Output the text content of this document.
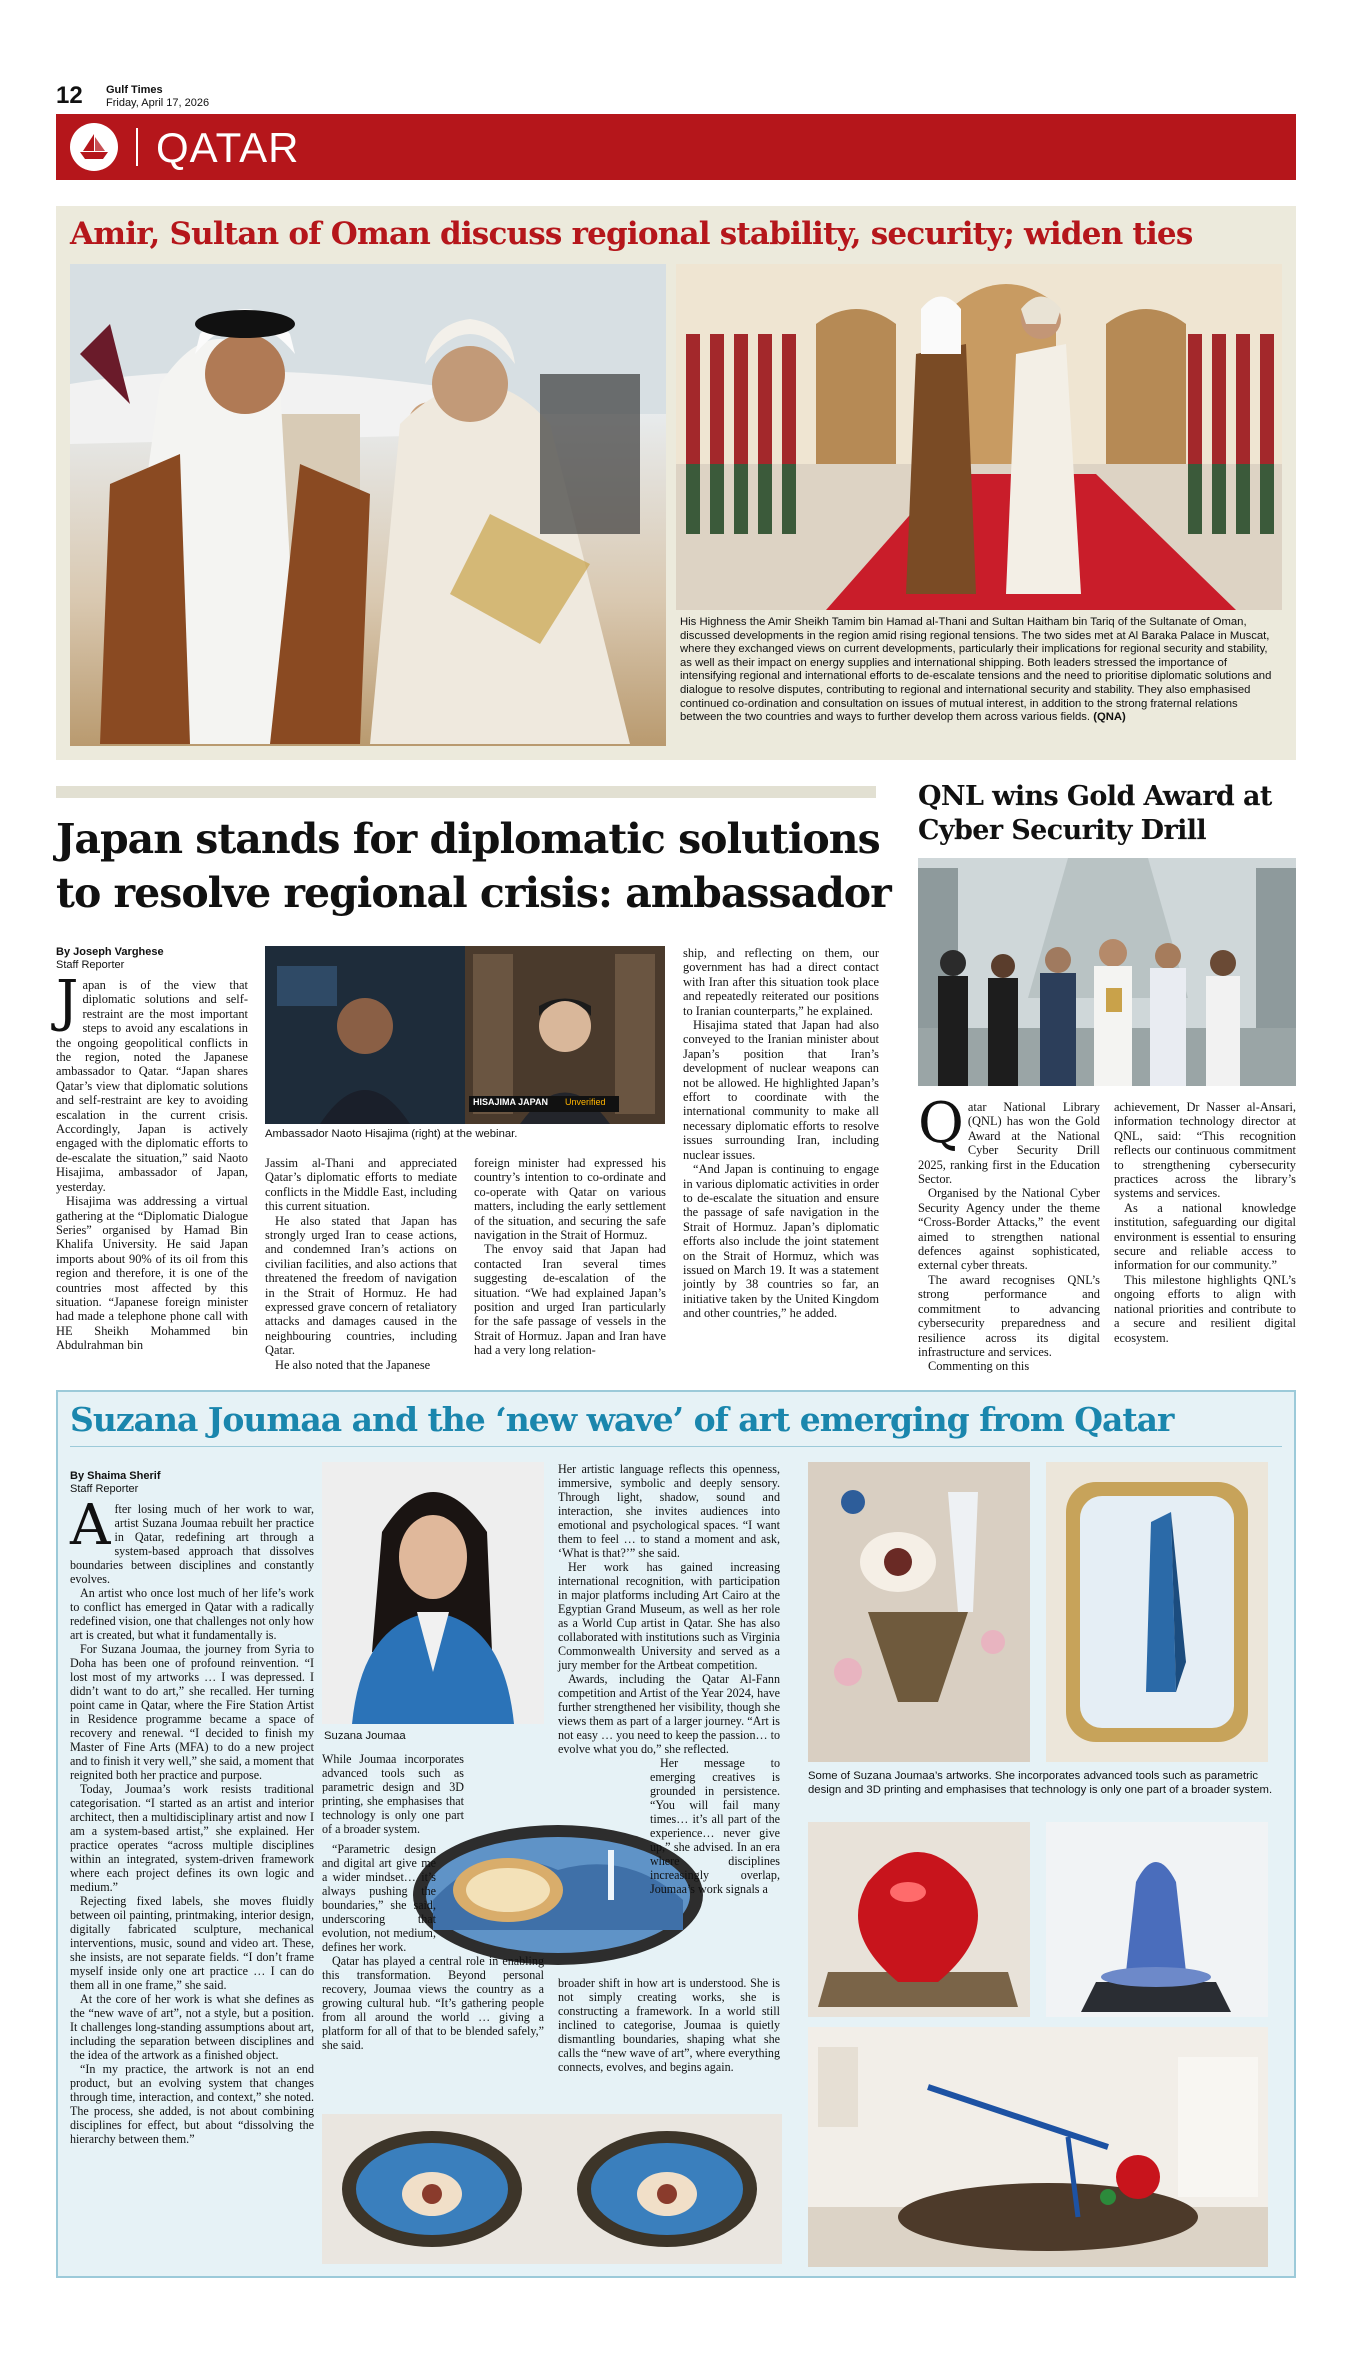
12 Gulf Times
Friday, April 17, 2026
QATAR
Amir, Sultan of Oman discuss regional stability, security; widen ties
His Highness the Amir Sheikh Tamim bin Hamad al-Thani and Sultan Haitham bin Tariq of the Sultanate of Oman, discussed developments in the region amid rising regional tensions. The two sides met at Al Baraka Palace in Muscat, where they exchanged views on current developments, particularly their implications for regional security and stability, as well as their impact on energy supplies and international shipping. Both leaders stressed the importance of intensifying regional and international efforts to de-escalate tensions and the need to prioritise diplomatic solutions and dialogue to resolve disputes, contributing to regional and international security and stability. They also emphasised continued co-ordination and consultation on issues of mutual interest, in addition to the strong fraternal relations between the two countries and ways to further develop them across various fields. (QNA)
Japan stands for diplomatic solutions to resolve regional crisis: ambassador
By Joseph Varghese
Staff Reporter

Japan is of the view that diplomatic solutions and self-restraint are the most important steps to avoid any escalations in the ongoing geopolitical conflicts in the region, noted the Japanese ambassador to Qatar. “Japan shares Qatar’s view that diplomatic solutions and self-restraint are key to avoiding escalation in the current crisis. Accordingly, Japan is actively engaged with the diplomatic efforts to de-escalate the situation,” said Naoto Hisajima, ambassador of Japan, yesterday.

Hisajima was addressing a virtual gathering at the “Diplomatic Dialogue Series” organised by Hamad Bin Khalifa University. He said Japan imports about 90% of its oil from this region and therefore, it is one of the countries most affected by this situation. “Japanese foreign minister had made a telephone phone call with HE Sheikh Mohammed bin Abdulrahman bin

HISAJIMA JAPAN Unverified
Ambassador Naoto Hisajima (right) at the webinar.

Jassim al-Thani and appreciated Qatar’s diplomatic efforts to mediate conflicts in the Middle East, including this current situation.

He also stated that Japan has strongly urged Iran to cease actions, and condemned Iran’s actions on civilian facilities, and also actions that threatened the freedom of navigation in the Strait of Hormuz. He had expressed grave concern of retaliatory attacks and damages caused in the neighbouring countries, including Qatar.

He also noted that the Japanese

foreign minister had expressed his country’s intention to co-ordinate and co-operate with Qatar on various matters, including the early settlement of the situation, and securing the safe navigation in the Strait of Hormuz.

The envoy said that Japan had contacted Iran several times suggesting de-escalation of the situation. “We had explained Japan’s position and urged Iran particularly for the safe passage of vessels in the Strait of Hormuz. Japan and Iran have had a very long relation-

ship, and reflecting on them, our government has had a direct contact with Iran after this situation took place and repeatedly reiterated our positions to Iranian counterparts,” he explained.

Hisajima stated that Japan had also conveyed to the Iranian minister about Japan’s position that Iran’s development of nuclear weapons can not be allowed. He highlighted Japan’s effort to coordinate with the international community to make all necessary diplomatic efforts to resolve issues surrounding Iran, including nuclear issues.

“And Japan is continuing to engage in various diplomatic activities in order to de-escalate the situation and ensure the passage of safe navigation in the Strait of Hormuz. Japan’s diplomatic efforts also include the joint statement on the Strait of Hormuz, which was issued on March 19. It was a statement jointly by 38 countries so far, an initiative taken by the United Kingdom and other countries,” he added.

QNL wins Gold Award at Cyber Security Drill

Qatar National Library (QNL) has won the Gold Award at the National Cyber Security Drill 2025, ranking first in the Education Sector.

Organised by the National Cyber Security Agency under the theme “Cross-Border Attacks,” the event aimed to strengthen national defences against sophisticated, external cyber threats.

The award recognises QNL’s strong performance and commitment to advancing cybersecurity preparedness and resilience across its digital infrastructure and services.

Commenting on this

achievement, Dr Nasser al-Ansari, information technology director at QNL, said: “This recognition reflects our continuous commitment to strengthening cybersecurity practices across the library’s systems and services.

As a national knowledge institution, safeguarding our digital environment is essential to ensuring secure and reliable access to information for our community.”

This milestone highlights QNL’s ongoing efforts to align with national priorities and contribute to a secure and resilient digital ecosystem.

Suzana Joumaa and the ‘new wave’ of art emerging from Qatar
By Shaima Sherif
Staff Reporter

After losing much of her work to war, artist Suzana Joumaa rebuilt her practice in Qatar, redefining art through a system-based approach that dissolves boundaries between disciplines and constantly evolves.

An artist who once lost much of her life’s work to conflict has emerged in Qatar with a radically redefined vision, one that challenges not only how art is created, but what it fundamentally is.

For Suzana Joumaa, the journey from Syria to Doha has been one of profound reinvention. “I lost most of my artworks … I was depressed. I didn’t want to do art,” she recalled. Her turning point came in Qatar, where the Fire Station Artist in Residence programme became a space of recovery and renewal. “I decided to finish my Master of Fine Arts (MFA) to do a new project and to finish it very well,” she said, a moment that reignited both her practice and purpose.

Today, Joumaa’s work resists traditional categorisation. “I started as an artist and interior architect, then a multidisciplinary artist and now I am a system-based artist,” she explained. Her practice operates “across multiple disciplines within an integrated, system-driven framework where each project defines its own logic and medium.”

Rejecting fixed labels, she moves fluidly between oil painting, printmaking, interior design, digitally fabricated sculpture, mechanical interventions, music, sound and video art. These, she insists, are not separate fields. “I don’t frame myself inside only one art practice … I can do them all in one frame,” she said.

At the core of her work is what she defines as the “new wave of art”, not a style, but a position. It challenges long-standing assumptions about art, including the separation between disciplines and the idea of the artwork as a finished object.

“In my practice, the artwork is not an end product, but an evolving system that changes through time, interaction, and context,” she noted. The process, she added, is not about combining disciplines for effect, but about “dissolving the hierarchy between them.”

Suzana Joumaa

While Joumaa incorporates advanced tools such as parametric design and 3D printing, she emphasises that technology is only one part of a broader system.

“Parametric design and digital art give me a wider mindset… it’s always pushing the boundaries,” she said, underscoring that evolution, not medium, defines her work.

Qatar has played a central role in enabling this transformation. Beyond personal recovery, Joumaa views the country as a growing cultural hub. “It’s gathering people from all around the world … giving a platform for all of that to be blended safely,” she said.

Her artistic language reflects this openness, immersive, symbolic and deeply sensory. Through light, shadow, sound and interaction, she invites audiences into emotional and psychological spaces. “I want them to feel … to stand a moment and ask, ‘What is that?’” she said.

Her work has gained increasing international recognition, with participation in major platforms including Art Cairo at the Egyptian Grand Museum, as well as her role as a World Cup artist in Qatar. She has also collaborated with institutions such as Virginia Commonwealth University and served as a jury member for the Artbeat competition.

Awards, including the Qatar Al-Fann competition and Artist of the Year 2024, have further strengthened her visibility, though she views them as part of a larger journey. “Art is not easy … you need to keep the passion… to evolve what you do,” she reflected.

Her message to emerging creatives is grounded in persistence. “You will fail many times… it’s all part of the experience… never give up,” she advised. In an era where disciplines increasingly overlap, Joumaa’s work signals a

broader shift in how art is understood. She is not simply creating works, she is constructing a framework. In a world still inclined to categorise, Joumaa is quietly dismantling boundaries, shaping what she calls the “new wave of art”, where everything connects, evolves, and begins again.

Some of Suzana Joumaa’s artworks. She incorporates advanced tools such as parametric design and 3D printing and emphasises that technology is only one part of a broader system.
